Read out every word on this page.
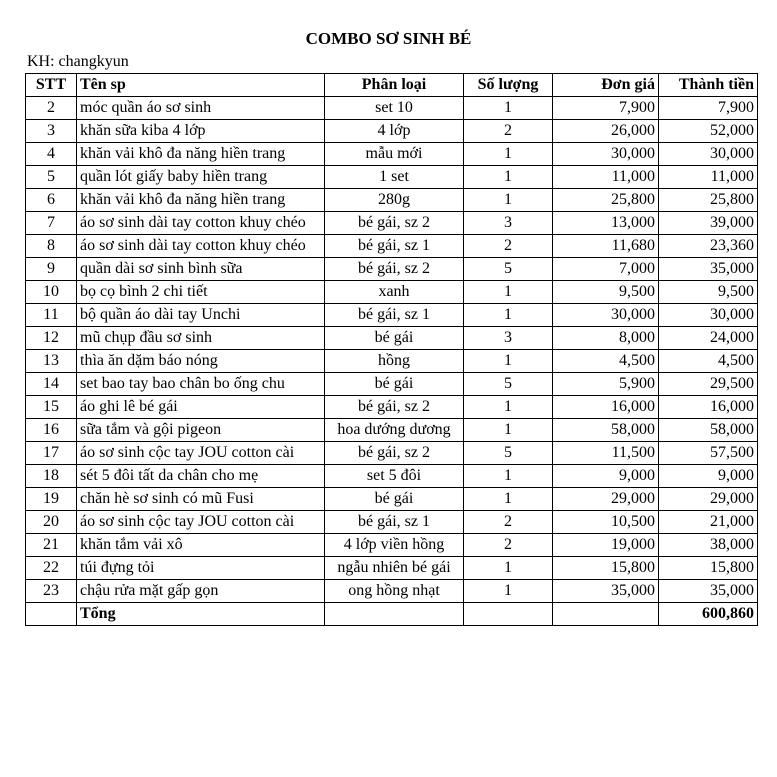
COMBO SƠ SINH BÉ
KH: changkyun
STT	Tên sp	Phân loại	Số lượng	Đơn giá	Thành tiền
2	móc quần áo sơ sinh	set 10	1	7,900	7,900
3	khăn sữa kiba 4 lớp	4 lớp	2	26,000	52,000
4	khăn vải khô đa năng hiền trang	mẫu mới	1	30,000	30,000
5	quần lót giấy baby hiền trang	1 set	1	11,000	11,000
6	khăn vải khô đa năng hiền trang	280g	1	25,800	25,800
7	áo sơ sinh dài tay cotton khuy chéo	bé gái, sz 2	3	13,000	39,000
8	áo sơ sinh dài tay cotton khuy chéo	bé gái, sz 1	2	11,680	23,360
9	quần dài sơ sinh bình sữa	bé gái, sz 2	5	7,000	35,000
10	bọ cọ bình 2 chi tiết	xanh	1	9,500	9,500
11	bộ quần áo dài tay Unchi	bé gái, sz 1	1	30,000	30,000
12	mũ chụp đầu sơ sinh	bé gái	3	8,000	24,000
13	thìa ăn dặm báo nóng	hồng	1	4,500	4,500
14	set bao tay bao chân bo ống chu	bé gái	5	5,900	29,500
15	áo ghi lê bé gái	bé gái, sz 2	1	16,000	16,000
16	sữa tắm và gội pigeon	hoa dướng dương	1	58,000	58,000
17	áo sơ sinh cộc tay JOU cotton cài	bé gái, sz 2	5	11,500	57,500
18	sét 5 đôi tất da chân cho mẹ	set 5 đôi	1	9,000	9,000
19	chăn hè sơ sinh có mũ Fusi	bé gái	1	29,000	29,000
20	áo sơ sinh cộc tay JOU cotton cài	bé gái, sz 1	2	10,500	21,000
21	khăn tắm vải xô	4 lớp viền hồng	2	19,000	38,000
22	túi đựng tỏi	ngẫu nhiên bé gái	1	15,800	15,800
23	chậu rửa mặt gấp gọn	ong hồng nhạt	1	35,000	35,000
	Tổng				600,860
